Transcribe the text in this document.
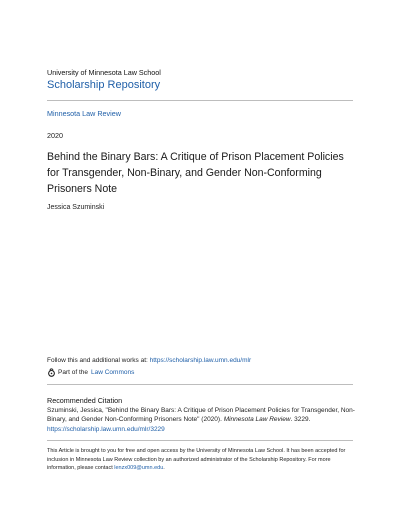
University of Minnesota Law School
Scholarship Repository
Minnesota Law Review
2020
Behind the Binary Bars: A Critique of Prison Placement Policies for Transgender, Non-Binary, and Gender Non-Conforming Prisoners Note
Jessica Szuminski
Follow this and additional works at: https://scholarship.law.umn.edu/mlr
Part of the Law Commons
Recommended Citation
Szuminski, Jessica, "Behind the Binary Bars: A Critique of Prison Placement Policies for Transgender, Non-Binary, and Gender Non-Conforming Prisoners Note" (2020). Minnesota Law Review. 3229.
https://scholarship.law.umn.edu/mlr/3229
This Article is brought to you for free and open access by the University of Minnesota Law School. It has been accepted for inclusion in Minnesota Law Review collection by an authorized administrator of the Scholarship Repository. For more information, please contact lenzx009@umn.edu.
